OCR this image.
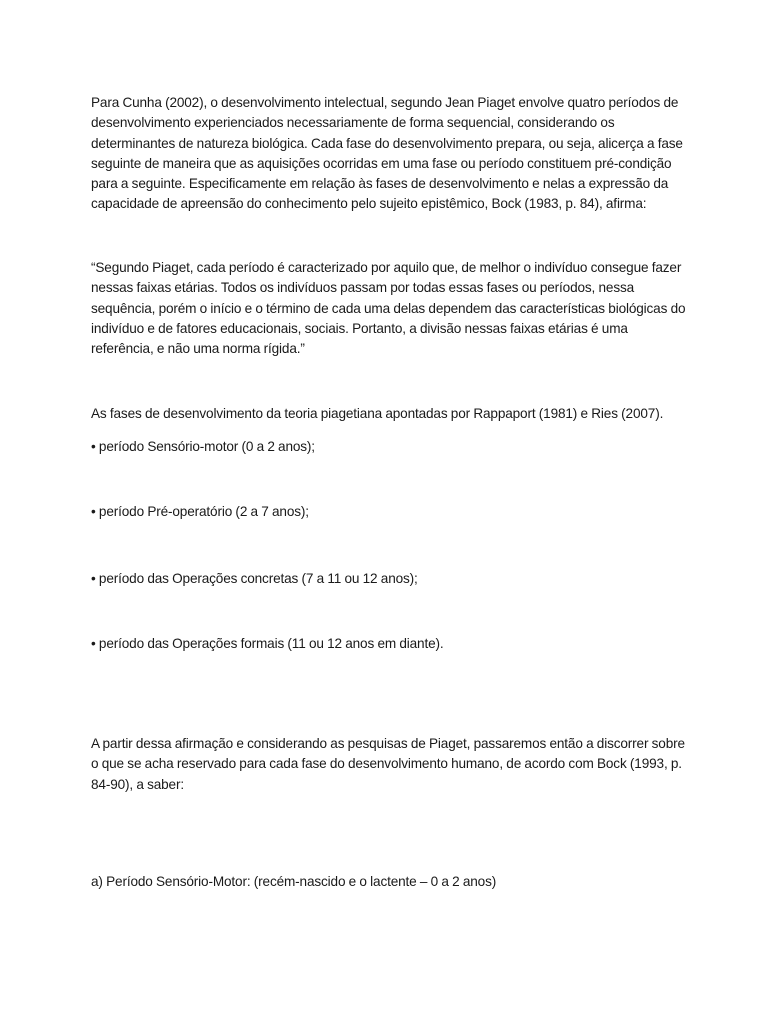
Para Cunha (2002), o desenvolvimento intelectual, segundo Jean Piaget envolve quatro períodos de desenvolvimento experienciados necessariamente de forma sequencial, considerando os determinantes de natureza biológica. Cada fase do desenvolvimento prepara, ou seja, alicerça a fase seguinte de maneira que as aquisições ocorridas em uma fase ou período constituem pré-condição para a seguinte. Especificamente em relação às fases de desenvolvimento e nelas a expressão da capacidade de apreensão do conhecimento pelo sujeito epistêmico, Bock (1983, p. 84), afirma:

“Segundo Piaget, cada período é caracterizado por aquilo que, de melhor o indivíduo consegue fazer nessas faixas etárias. Todos os indivíduos passam por todas essas fases ou períodos, nessa sequência, porém o início e o término de cada uma delas dependem das características biológicas do indivíduo e de fatores educacionais, sociais. Portanto, a divisão nessas faixas etárias é uma referência, e não uma norma rígida.”

As fases de desenvolvimento da teoria piagetiana apontadas por Rappaport (1981) e Ries (2007).

• período Sensório-motor (0 a 2 anos);

• período Pré-operatório (2 a 7 anos);

• período das Operações concretas (7 a 11 ou 12 anos);

• período das Operações formais (11 ou 12 anos em diante).

A partir dessa afirmação e considerando as pesquisas de Piaget, passaremos então a discorrer sobre o que se acha reservado para cada fase do desenvolvimento humano, de acordo com Bock (1993, p. 84-90), a saber:

a) Período Sensório-Motor: (recém-nascido e o lactente – 0 a 2 anos)
